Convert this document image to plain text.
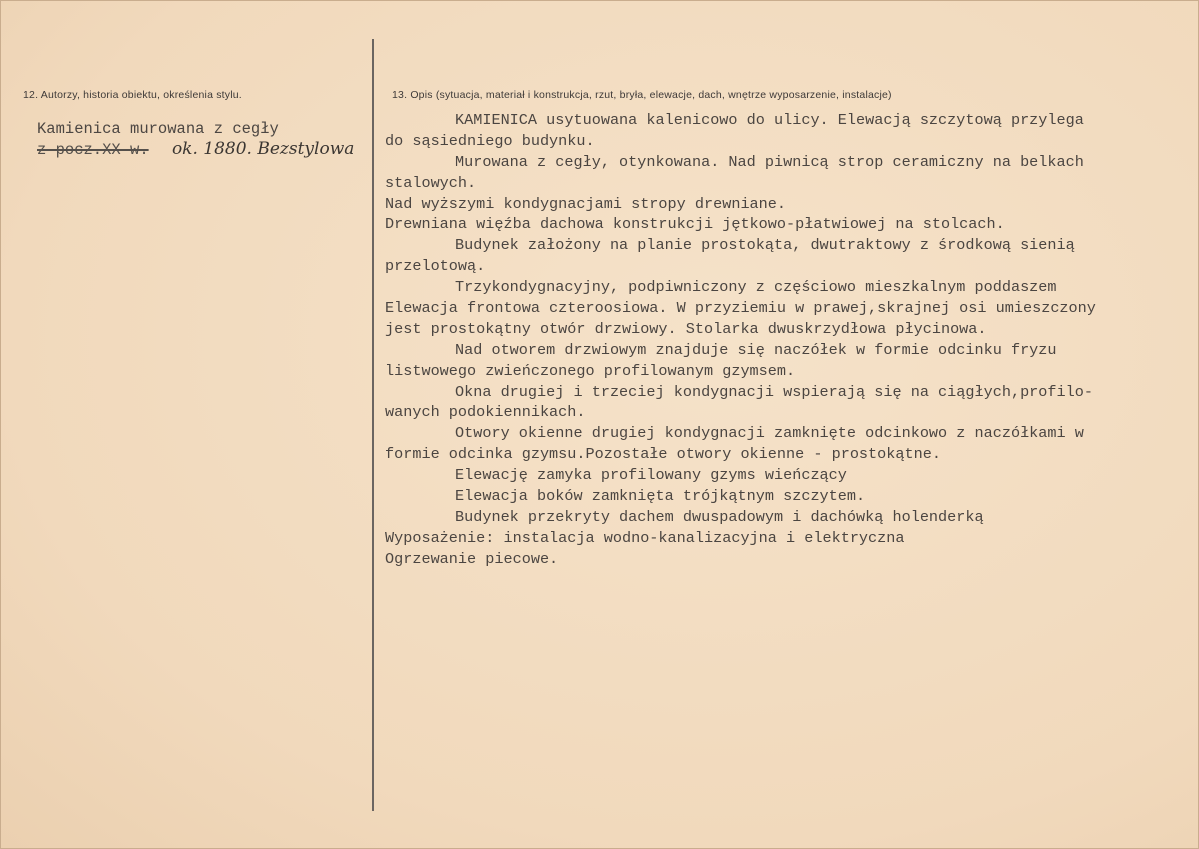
12. Autorzy, historia obiektu, określenia stylu.	13. Opis (sytuacja, materiał i konstrukcja, rzut, bryła, elewacje, dach, wnętrze wyposarzenie, instalacje)
Kamienica murowana z cegły
z pocz.XX w. ok. 1880. Bezstylowa
KAMIENICA usytuowana kalenicowo do ulicy. Elewacją szczytową przylega
do sąsiedniego budynku.
Murowana z cegły, otynkowana. Nad piwnicą strop ceramiczny na belkach
stalowych.
Nad wyższymi kondygnacjami stropy drewniane.
Drewniana więźba dachowa konstrukcji jętkowo-płatwiowej na stolcach.
Budynek założony na planie prostokąta, dwutraktowy z środkową sienią
przelotową.
Trzykondygnacyjny, podpiwniczony z częściowo mieszkalnym poddaszem
Elewacja frontowa czteroosiowa. W przyziemiu w prawej,skrajnej osi umieszczony
jest prostokątny otwór drzwiowy. Stolarka dwuskrzydłowa płycinowa.
Nad otworem drzwiowym znajduje się naczółek w formie odcinku fryzu
listwowego zwieńczonego profilowanym gzymsem.
Okna drugiej i trzeciej kondygnacji wspierają się na ciągłych,profilo-
wanych podokiennikach.
Otwory okienne drugiej kondygnacji zamknięte odcinkowo z naczółkami w
formie odcinka gzymsu.Pozostałe otwory okienne - prostokątne.
Elewację zamyka profilowany gzyms wieńczący
Elewacja boków zamknięta trójkątnym szczytem.
Budynek przekryty dachem dwuspadowym i dachówką holenderką
Wyposażenie: instalacja wodno-kanalizacyjna i elektryczna
Ogrzewanie piecowe.
